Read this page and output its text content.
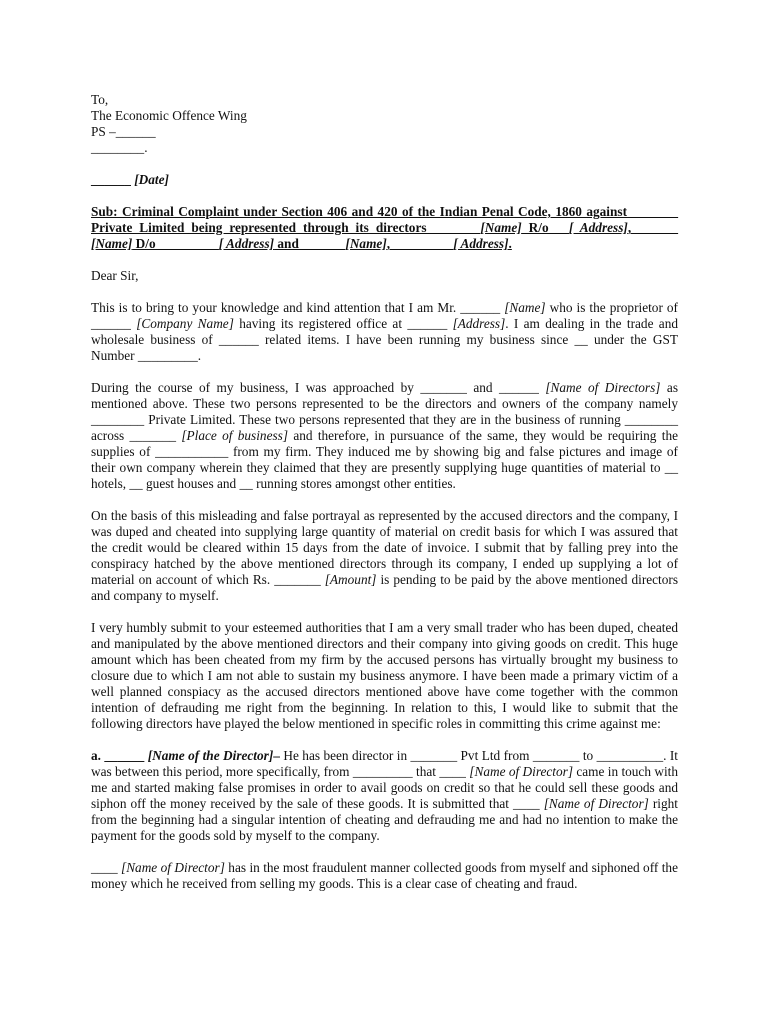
To,

The Economic Offence Wing

PS –______

________.

______ [Date]

Sub: Criminal Complaint under Section 406 and 420 of the Indian Penal Code, 1860 against _______ Private Limited being represented through its directors ______ [Name] R/o __[ Address], ______ [Name] D/o _________[ Address] and ______ [Name], _________[ Address].

Dear Sir,

This is to bring to your knowledge and kind attention that I am Mr. ______ [Name] who is the proprietor of ______ [Company Name] having its registered office at ______ [Address]. I am dealing in the trade and wholesale business of ______ related items. I have been running my business since __ under the GST Number _________.

During the course of my business, I was approached by _______ and ______ [Name of Directors] as mentioned above. These two persons represented to be the directors and owners of the company namely ________ Private Limited. These two persons represented that they are in the business of running ________ across _______ [Place of business] and therefore, in pursuance of the same, they would be requiring the supplies of ___________ from my firm. They induced me by showing big and false pictures and image of their own company wherein they claimed that they are presently supplying huge quantities of material to __ hotels, __ guest houses and __ running stores amongst other entities.

On the basis of this misleading and false portrayal as represented by the accused directors and the company, I was duped and cheated into supplying large quantity of material on credit basis for which I was assured that the credit would be cleared within 15 days from the date of invoice. I submit that by falling prey into the conspiracy hatched by the above mentioned directors through its company, I ended up supplying a lot of material on account of which Rs. _______ [Amount] is pending to be paid by the above mentioned directors and company to myself.

I very humbly submit to your esteemed authorities that I am a very small trader who has been duped, cheated and manipulated by the above mentioned directors and their company into giving goods on credit. This huge amount which has been cheated from my firm by the accused persons has virtually brought my business to closure due to which I am not able to sustain my business anymore. I have been made a primary victim of a well planned conspiacy as the accused directors mentioned above have come together with the common intention of defrauding me right from the beginning. In relation to this, I would like to submit that the following directors have played the below mentioned in specific roles in committing this crime against me:

a. ______ [Name of the Director]– He has been director in _______ Pvt Ltd from _______ to __________. It was between this period, more specifically, from _________ that ____ [Name of Director] came in touch with me and started making false promises in order to avail goods on credit so that he could sell these goods and siphon off the money received by the sale of these goods. It is submitted that ____ [Name of Director] right from the beginning had a singular intention of cheating and defrauding me and had no intention to make the payment for the goods sold by myself to the company.

____ [Name of Director] has in the most fraudulent manner collected goods from myself and siphoned off the money which he received from selling my goods. This is a clear case of cheating and fraud.
